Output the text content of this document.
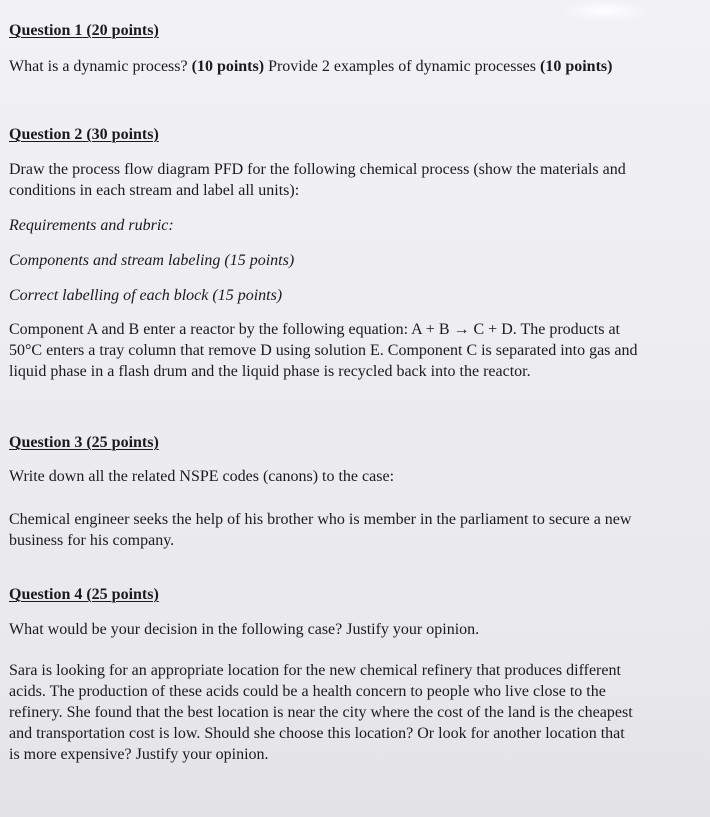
Question 1 (20 points)
What is a dynamic process? (10 points) Provide 2 examples of dynamic processes (10 points)
Question 2 (30 points)
Draw the process flow diagram PFD for the following chemical process (show the materials and
conditions in each stream and label all units):
Requirements and rubric:
Components and stream labeling (15 points)
Correct labelling of each block (15 points)
Component A and B enter a reactor by the following equation: A + B → C + D. The products at
50°C enters a tray column that remove D using solution E. Component C is separated into gas and
liquid phase in a flash drum and the liquid phase is recycled back into the reactor.
Question 3 (25 points)
Write down all the related NSPE codes (canons) to the case:
Chemical engineer seeks the help of his brother who is member in the parliament to secure a new
business for his company.
Question 4 (25 points)
What would be your decision in the following case? Justify your opinion.
Sara is looking for an appropriate location for the new chemical refinery that produces different
acids. The production of these acids could be a health concern to people who live close to the
refinery. She found that the best location is near the city where the cost of the land is the cheapest
and transportation cost is low. Should she choose this location? Or look for another location that
is more expensive? Justify your opinion.
